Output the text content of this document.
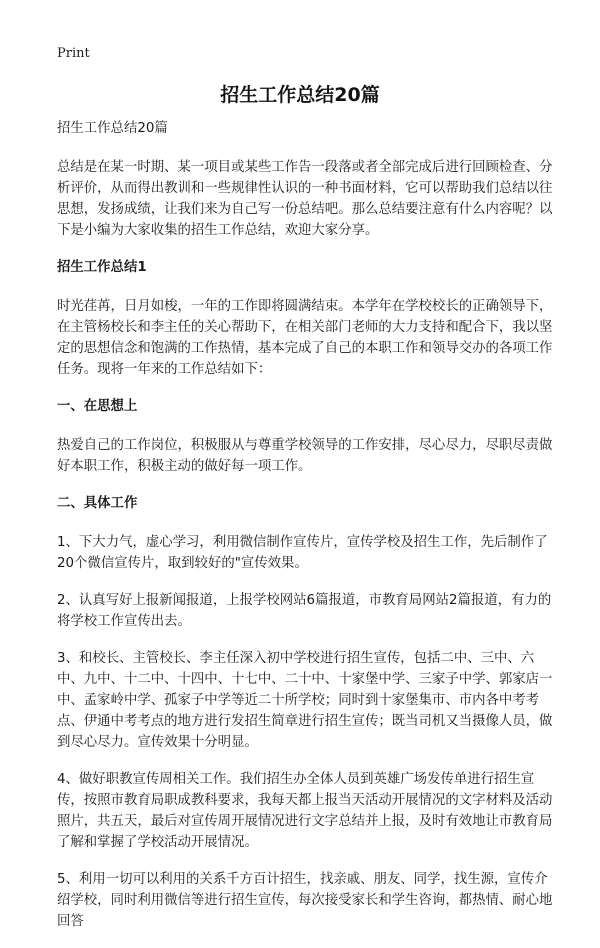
Print
招生工作总结20篇

招生工作总结20篇

总结是在某一时期、某一项目或某些工作告一段落或者全部完成后进行回顾检查、分析评价，从而得出教训和一些规律性认识的一种书面材料，它可以帮助我们总结以往思想，发扬成绩，让我们来为自己写一份总结吧。那么总结要注意有什么内容呢？以下是小编为大家收集的招生工作总结，欢迎大家分享。

招生工作总结1

时光荏苒，日月如梭，一年的工作即将圆满结束。本学年在学校校长的正确领导下，在主管杨校长和李主任的关心帮助下，在相关部门老师的大力支持和配合下，我以坚定的思想信念和饱满的工作热情，基本完成了自己的本职工作和领导交办的各项工作任务。现将一年来的工作总结如下：

一、在思想上

热爱自己的工作岗位，积极服从与尊重学校领导的工作安排，尽心尽力，尽职尽责做好本职工作，积极主动的做好每一项工作。

二、具体工作

1、下大力气，虚心学习，利用微信制作宣传片，宣传学校及招生工作，先后制作了20个微信宣传片，取到较好的"宣传效果。

2、认真写好上报新闻报道，上报学校网站6篇报道，市教育局网站2篇报道，有力的将学校工作宣传出去。

3、和校长、主管校长、李主任深入初中学校进行招生宣传，包括二中、三中、六中、九中、十二中、十四中、十七中、二十中、十家堡中学、三家子中学、郭家店一中、孟家岭中学、孤家子中学等近二十所学校；同时到十家堡集市、市内各中考考点、伊通中考考点的地方进行发招生简章进行招生宣传；既当司机又当摄像人员，做到尽心尽力。宣传效果十分明显。

4、做好职教宣传周相关工作。我们招生办全体人员到英雄广场发传单进行招生宣传，按照市教育局职成教科要求，我每天都上报当天活动开展情况的文字材料及活动照片，共五天，最后对宣传周开展情况进行文字总结并上报，及时有效地让市教育局了解和掌握了学校活动开展情况。

5、利用一切可以利用的关系千方百计招生，找亲戚、朋友、同学，找生源，宣传介绍学校，同时利用微信等进行招生宣传，每次接受家长和学生咨询，都热情、耐心地回答
